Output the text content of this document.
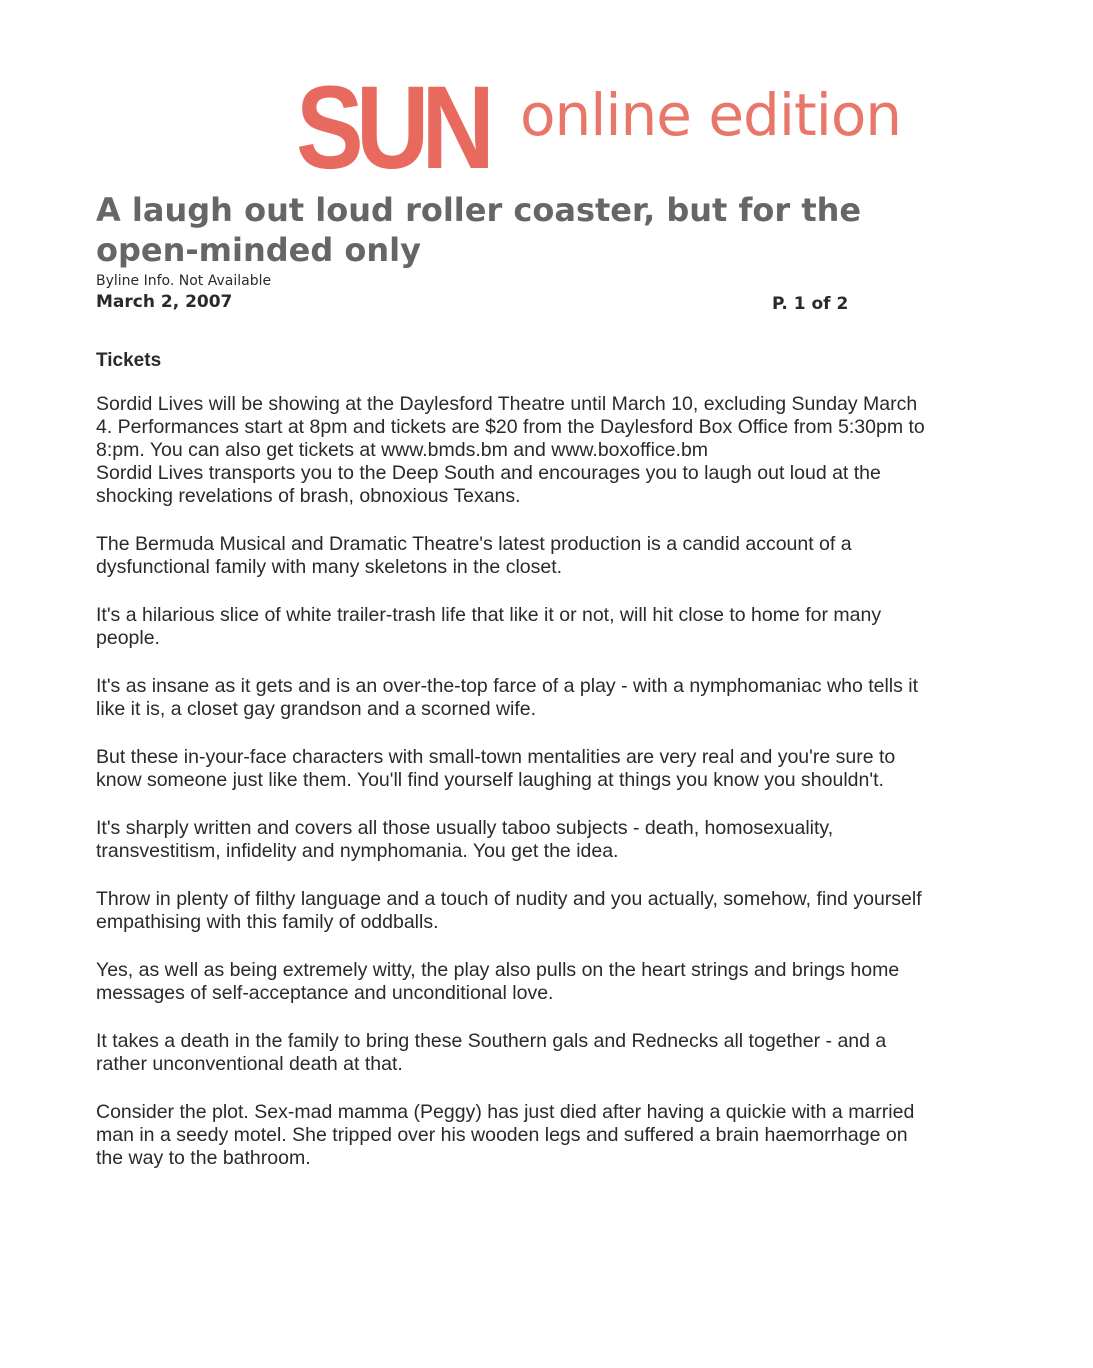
SUN online edition
A laugh out loud roller coaster, but for the
open-minded only
Byline Info. Not Available
March 2, 2007	P. 1 of 2
Tickets

Sordid Lives will be showing at the Daylesford Theatre until March 10, excluding Sunday March
4. Performances start at 8pm and tickets are $20 from the Daylesford Box Office from 5:30pm to
8:pm. You can also get tickets at www.bmds.bm and www.boxoffice.bm
Sordid Lives transports you to the Deep South and encourages you to laugh out loud at the
shocking revelations of brash, obnoxious Texans.

The Bermuda Musical and Dramatic Theatre's latest production is a candid account of a
dysfunctional family with many skeletons in the closet.

It's a hilarious slice of white trailer-trash life that like it or not, will hit close to home for many
people.

It's as insane as it gets and is an over-the-top farce of a play - with a nymphomaniac who tells it
like it is, a closet gay grandson and a scorned wife.

But these in-your-face characters with small-town mentalities are very real and you're sure to
know someone just like them. You'll find yourself laughing at things you know you shouldn't.

It's sharply written and covers all those usually taboo subjects - death, homosexuality,
transvestitism, infidelity and nymphomania. You get the idea.

Throw in plenty of filthy language and a touch of nudity and you actually, somehow, find yourself
empathising with this family of oddballs.

Yes, as well as being extremely witty, the play also pulls on the heart strings and brings home
messages of self-acceptance and unconditional love.

It takes a death in the family to bring these Southern gals and Rednecks all together - and a
rather unconventional death at that.

Consider the plot. Sex-mad mamma (Peggy) has just died after having a quickie with a married
man in a seedy motel. She tripped over his wooden legs and suffered a brain haemorrhage on
the way to the bathroom.
